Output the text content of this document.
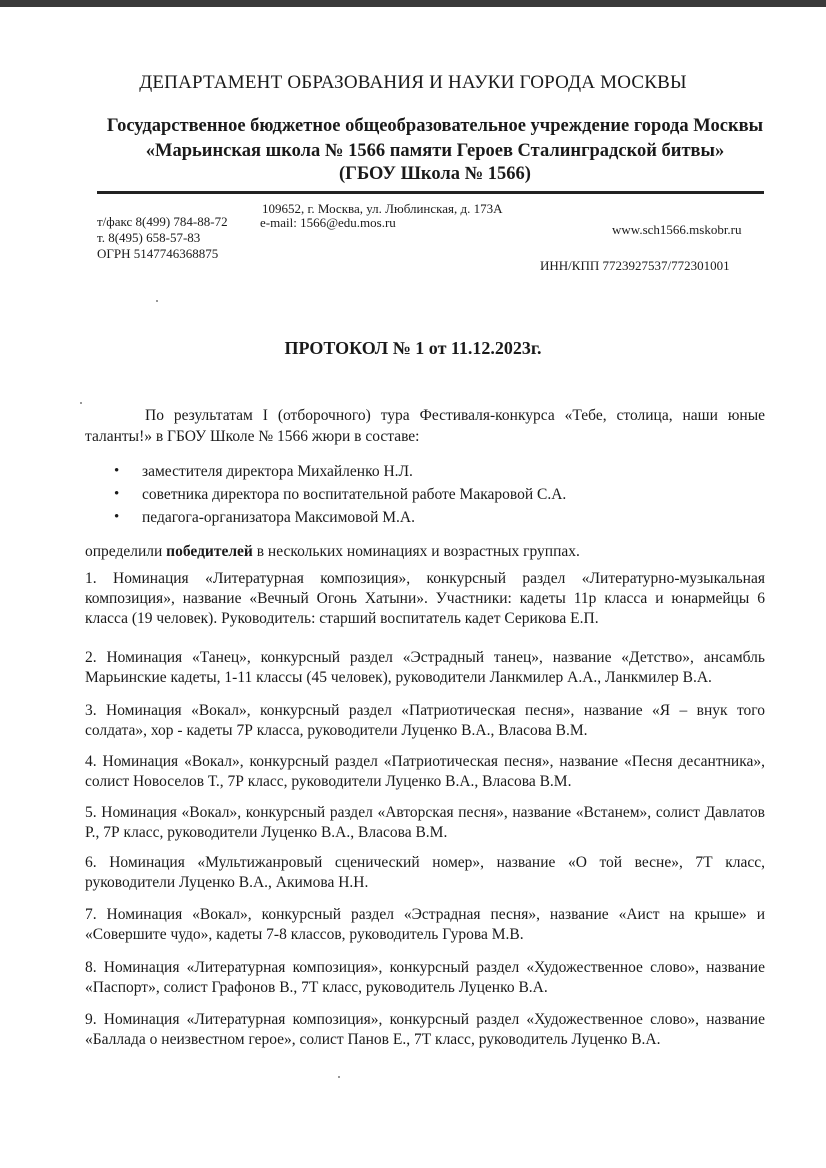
ДЕПАРТАМЕНТ ОБРАЗОВАНИЯ И НАУКИ ГОРОДА МОСКВЫ
Государственное бюджетное общеобразовательное учреждение города Москвы
«Марьинская школа № 1566 памяти Героев Сталинградской битвы»
(ГБОУ Школа № 1566)
109652, г. Москва, ул. Люблинская, д. 173А
т/факс 8(499) 784-88-72 e-mail: 1566@edu.mos.ru
т. 8(495) 658-57-83
ОГРН 5147746368875
www.sch1566.mskobr.ru
ИНН/КПП 7723927537/772301001
ПРОТОКОЛ № 1 от 11.12.2023г.
По результатам I (отборочного) тура Фестиваля-конкурса «Тебе, столица, наши юные таланты!» в ГБОУ Школе № 1566 жюри в составе:
• заместителя директора Михайленко Н.Л.
• советника директора по воспитательной работе Макаровой С.А.
• педагога-организатора Максимовой М.А.
определили победителей в нескольких номинациях и возрастных группах.
1. Номинация «Литературная композиция», конкурсный раздел «Литературно-музыкальная композиция», название «Вечный Огонь Хатыни». Участники: кадеты 11р класса и юнармейцы 6 класса (19 человек). Руководитель: старший воспитатель кадет Серикова Е.П.
2. Номинация «Танец», конкурсный раздел «Эстрадный танец», название «Детство», ансамбль Марьинские кадеты, 1-11 классы (45 человек), руководители Ланкмилер А.А., Ланкмилер В.А.
3. Номинация «Вокал», конкурсный раздел «Патриотическая песня», название «Я – внук того солдата», хор - кадеты 7Р класса, руководители Луценко В.А., Власова В.М.
4. Номинация «Вокал», конкурсный раздел «Патриотическая песня», название «Песня десантника», солист Новоселов Т., 7Р класс, руководители Луценко В.А., Власова В.М.
5. Номинация «Вокал», конкурсный раздел «Авторская песня», название «Встанем», солист Давлатов Р., 7Р класс, руководители Луценко В.А., Власова В.М.
6. Номинация «Мультижанровый сценический номер», название «О той весне», 7Т класс, руководители Луценко В.А., Акимова Н.Н.
7. Номинация «Вокал», конкурсный раздел «Эстрадная песня», название «Аист на крыше» и «Совершите чудо», кадеты 7-8 классов, руководитель Гурова М.В.
8. Номинация «Литературная композиция», конкурсный раздел «Художественное слово», название «Паспорт», солист Графонов В., 7Т класс, руководитель Луценко В.А.
9. Номинация «Литературная композиция», конкурсный раздел «Художественное слово», название «Баллада о неизвестном герое», солист Панов Е., 7Т класс, руководитель Луценко В.А.
